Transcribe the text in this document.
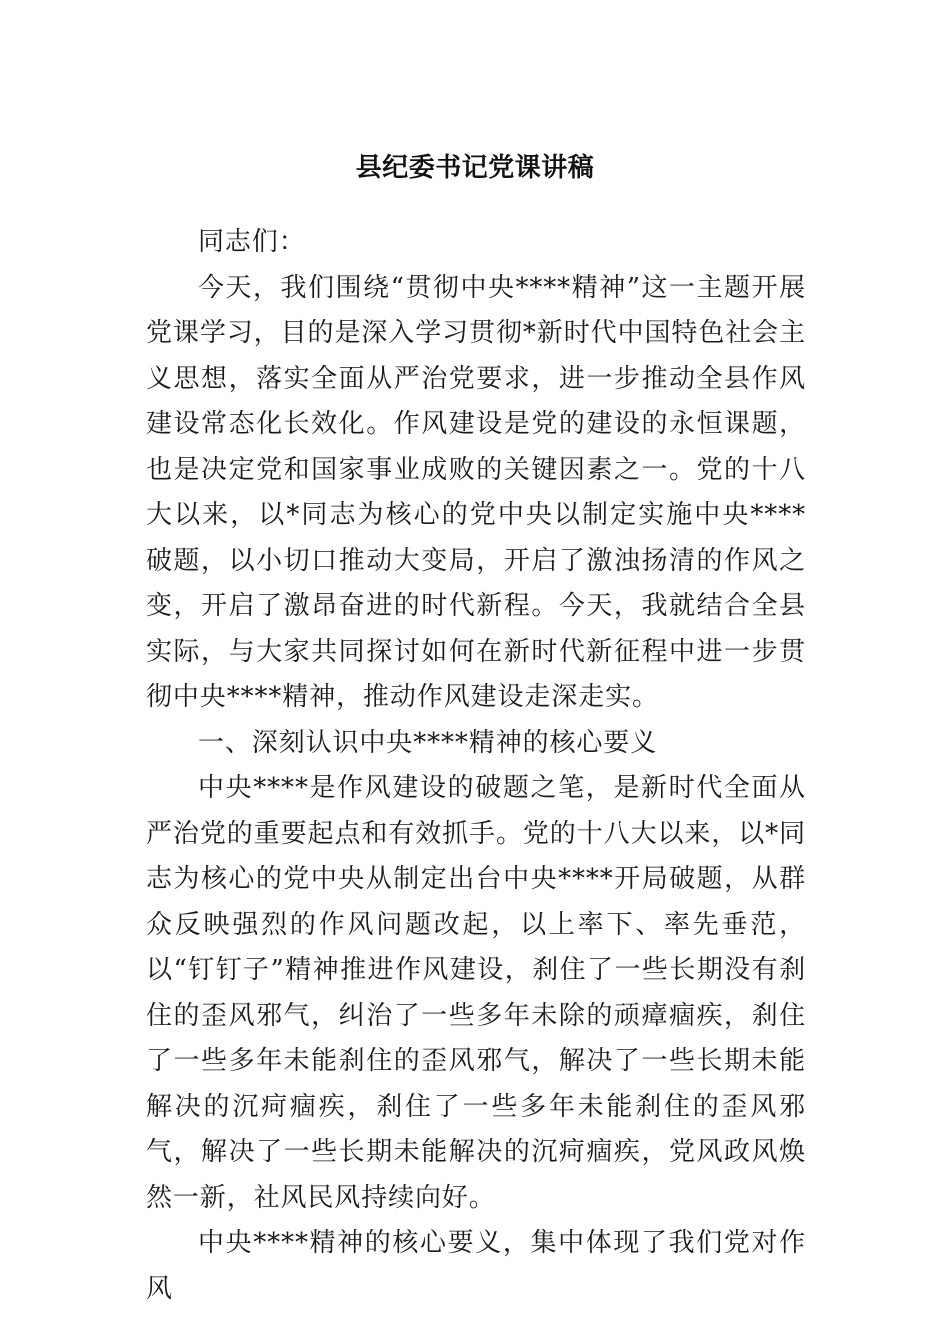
县纪委书记党课讲稿

同志们：

今天，我们围绕“贯彻中央****精神”这一主题开展党课学习，目的是深入学习贯彻*新时代中国特色社会主义思想，落实全面从严治党要求，进一步推动全县作风建设常态化长效化。作风建设是党的建设的永恒课题，也是决定党和国家事业成败的关键因素之一。党的十八大以来，以*同志为核心的党中央以制定实施中央****破题，以小切口推动大变局，开启了激浊扬清的作风之变，开启了激昂奋进的时代新程。今天，我就结合全县实际，与大家共同探讨如何在新时代新征程中进一步贯彻中央****精神，推动作风建设走深走实。

一、深刻认识中央****精神的核心要义

中央****是作风建设的破题之笔，是新时代全面从严治党的重要起点和有效抓手。党的十八大以来，以*同志为核心的党中央从制定出台中央****开局破题，从群众反映强烈的作风问题改起，以上率下、率先垂范，以“钉钉子”精神推进作风建设，刹住了一些长期没有刹住的歪风邪气，纠治了一些多年未除的顽瘴痼疾，刹住了一些多年未能刹住的歪风邪气，解决了一些长期未能解决的沉疴痼疾，刹住了一些多年未能刹住的歪风邪气，解决了一些长期未能解决的沉疴痼疾，党风政风焕然一新，社风民风持续向好。

中央****精神的核心要义，集中体现了我们党对作风
